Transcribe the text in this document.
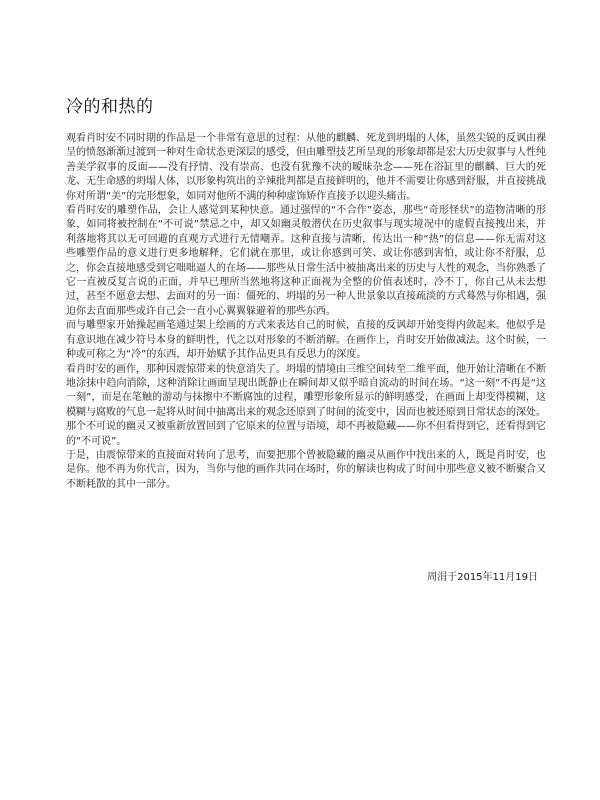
冷的和热的

观看肖时安不同时期的作品是一个非常有意思的过程：从他的麒麟、死龙到坍塌的人体，虽然尖锐的反讽由裸呈的愤怒渐渐过渡到一种对生命状态更深层的感受，但由雕塑技艺所呈现的形象却都是宏大历史叙事与人性纯善美学叙事的反面——没有抒情、没有崇高、也没有犹豫不决的暧昧杂念——死在浴缸里的麒麟、巨大的死龙、无生命感的坍塌人体，以形象构筑出的辛辣批判都是直接鲜明的，他并不需要让你感到舒服，并直接挑战你对所谓“美”的完形想象，如同对他所不满的种种虚饰矫作直接予以迎头痛击。

看肖时安的雕塑作品，会让人感觉到某种快意。通过强悍的“不合作”姿态，那些“奇形怪状”的造物清晰的形象，如同将被控制在“不可说”禁忌之中，却又如幽灵般潜伏在历史叙事与现实境况中的虚假直接拽出来，并利落地将其以无可回避的直观方式进行无情嘲弄。这种直接与清晰，传达出一种“热”的信息——你无需对这些雕塑作品的意义进行更多地解释，它们就在那里，或让你感到可笑、或让你感到害怕，或让你不舒服，总之，你会直接地感受到它咄咄逼人的在场——那些从日常生活中被抽离出来的历史与人性的观念，当你熟悉了它一直被反复言说的正面，并早已理所当然地将这种正面视为全整的价值表述时，冷不丁，你自己从未去想过，甚至不愿意去想、去面对的另一面：僵死的、坍塌的另一种人世景象以直接疏淡的方式蓦然与你相遇，强迫你去直面那些或许自己会一直小心翼翼躲避着的那些东西。

而与雕塑家开始操起画笔通过架上绘画的方式来表达自己的时候，直接的反讽却开始变得内敛起来。他似乎是有意识地在减少符号本身的鲜明性，代之以对形象的不断消解。在画作上，肖时安开始做减法。这个时候，一种或可称之为“冷”的东西，却开始赋予其作品更具有反思力的深度。

看肖时安的画作，那种因震惊带来的快意消失了。坍塌的情境由三维空间转至二维平面，他开始让清晰在不断地涂抹中趋向消除，这种消除让画面呈现出既静止在瞬间却又似乎暗自流动的时间在场。“这一刻”不再是“这一刻”，而是在笔触的游动与抹擦中不断腐蚀的过程，雕塑形象所显示的鲜明感受，在画面上却变得模糊，这模糊与腐败的气息一起将从时间中抽离出来的观念还原到了时间的流变中，因而也被还原到日常状态的深处。那个不可说的幽灵又被重新放置回到了它原来的位置与语境，却不再被隐藏——你不但看得到它，还看得到它的“不可说”。

于是，由震惊带来的直接面对转向了思考，而要把那个曾被隐藏的幽灵从画作中找出来的人，既是肖时安，也是你。他不再为你代言，因为，当你与他的画作共同在场时，你的解读也构成了时间中那些意义被不断聚合又不断耗散的其中一部分。

周涓于2015年11月19日
